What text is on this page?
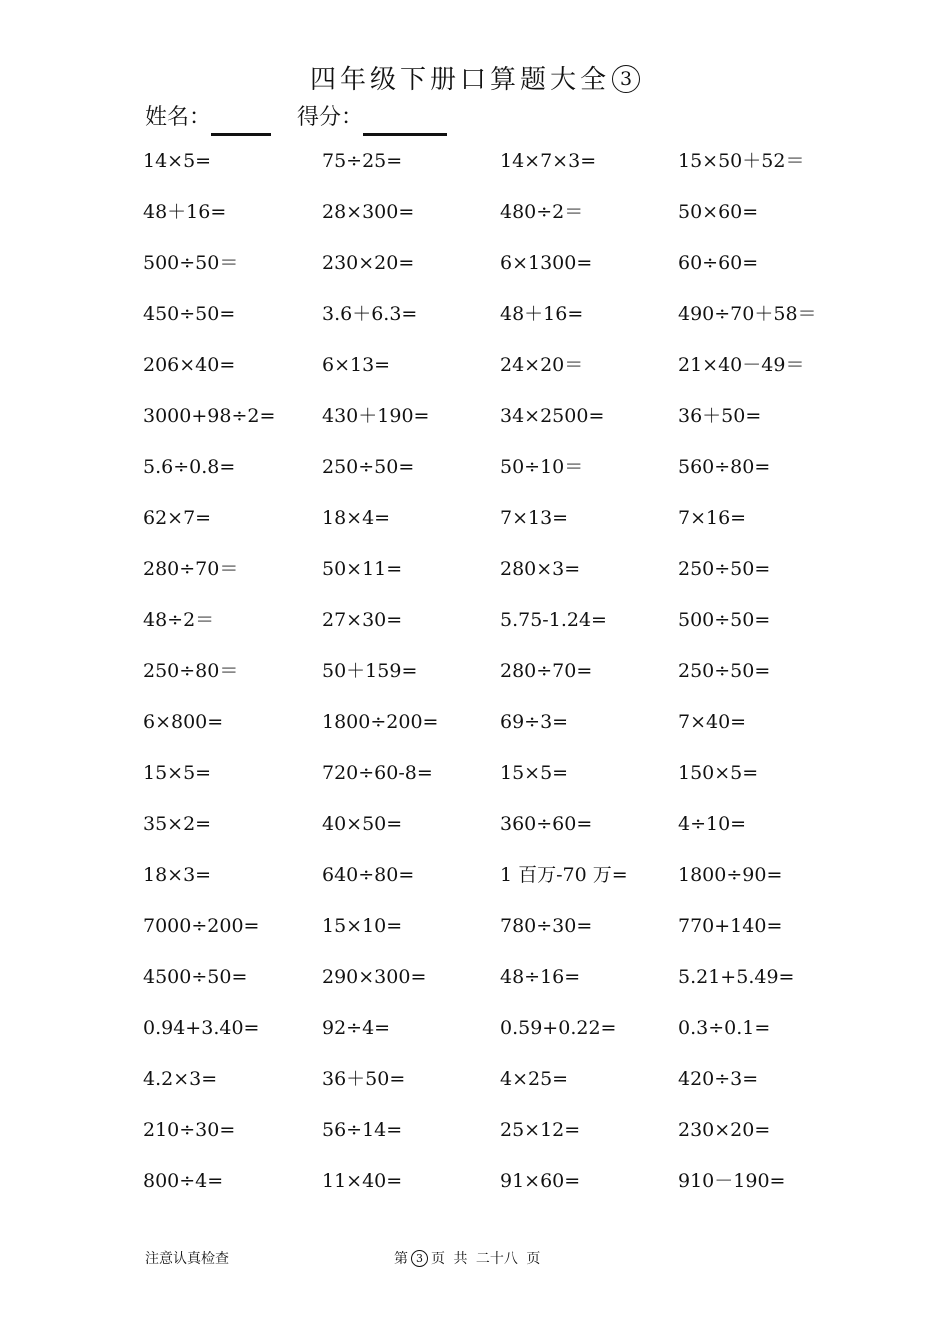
四年级下册口算题大全 3
姓名：	得分：
14×5=	75÷25=	14×7×3=	15×50＋52＝
48＋16=	28×300=	480÷2＝	50×60=
500÷50＝	230×20=	6×1300=	60÷60=
450÷50=	3.6＋6.3=	48＋16=	490÷70＋58＝
206×40=	6×13=	24×20＝	21×40－49＝
3000+98÷2=	430＋190=	34×2500=	36＋50=
5.6÷0.8=	250÷50=	50÷10＝	560÷80=
62×7=	18×4=	7×13=	7×16=
280÷70＝	50×11=	280×3=	250÷50=
48÷2＝	27×30=	5.75-1.24=	500÷50=
250÷80＝	50＋159=	280÷70=	250÷50=
6×800=	1800÷200=	69÷3=	7×40=
15×5=	720÷60-8=	15×5=	150×5=
35×2=	40×50=	360÷60=	4÷10=
18×3=	640÷80=	1 百万-70 万=	1800÷90=
7000÷200=	15×10=	780÷30=	770+140=
4500÷50=	290×300=	48÷16=	5.21+5.49=
0.94+3.40=	92÷4=	0.59+0.22=	0.3÷0.1=
4.2×3=	36＋50=	4×25=	420÷3=
210÷30=	56÷14=	25×12=	230×20=
800÷4=	11×40=	91×60=	910－190=
注意认真检查	第 3 页 共 二十八 页
